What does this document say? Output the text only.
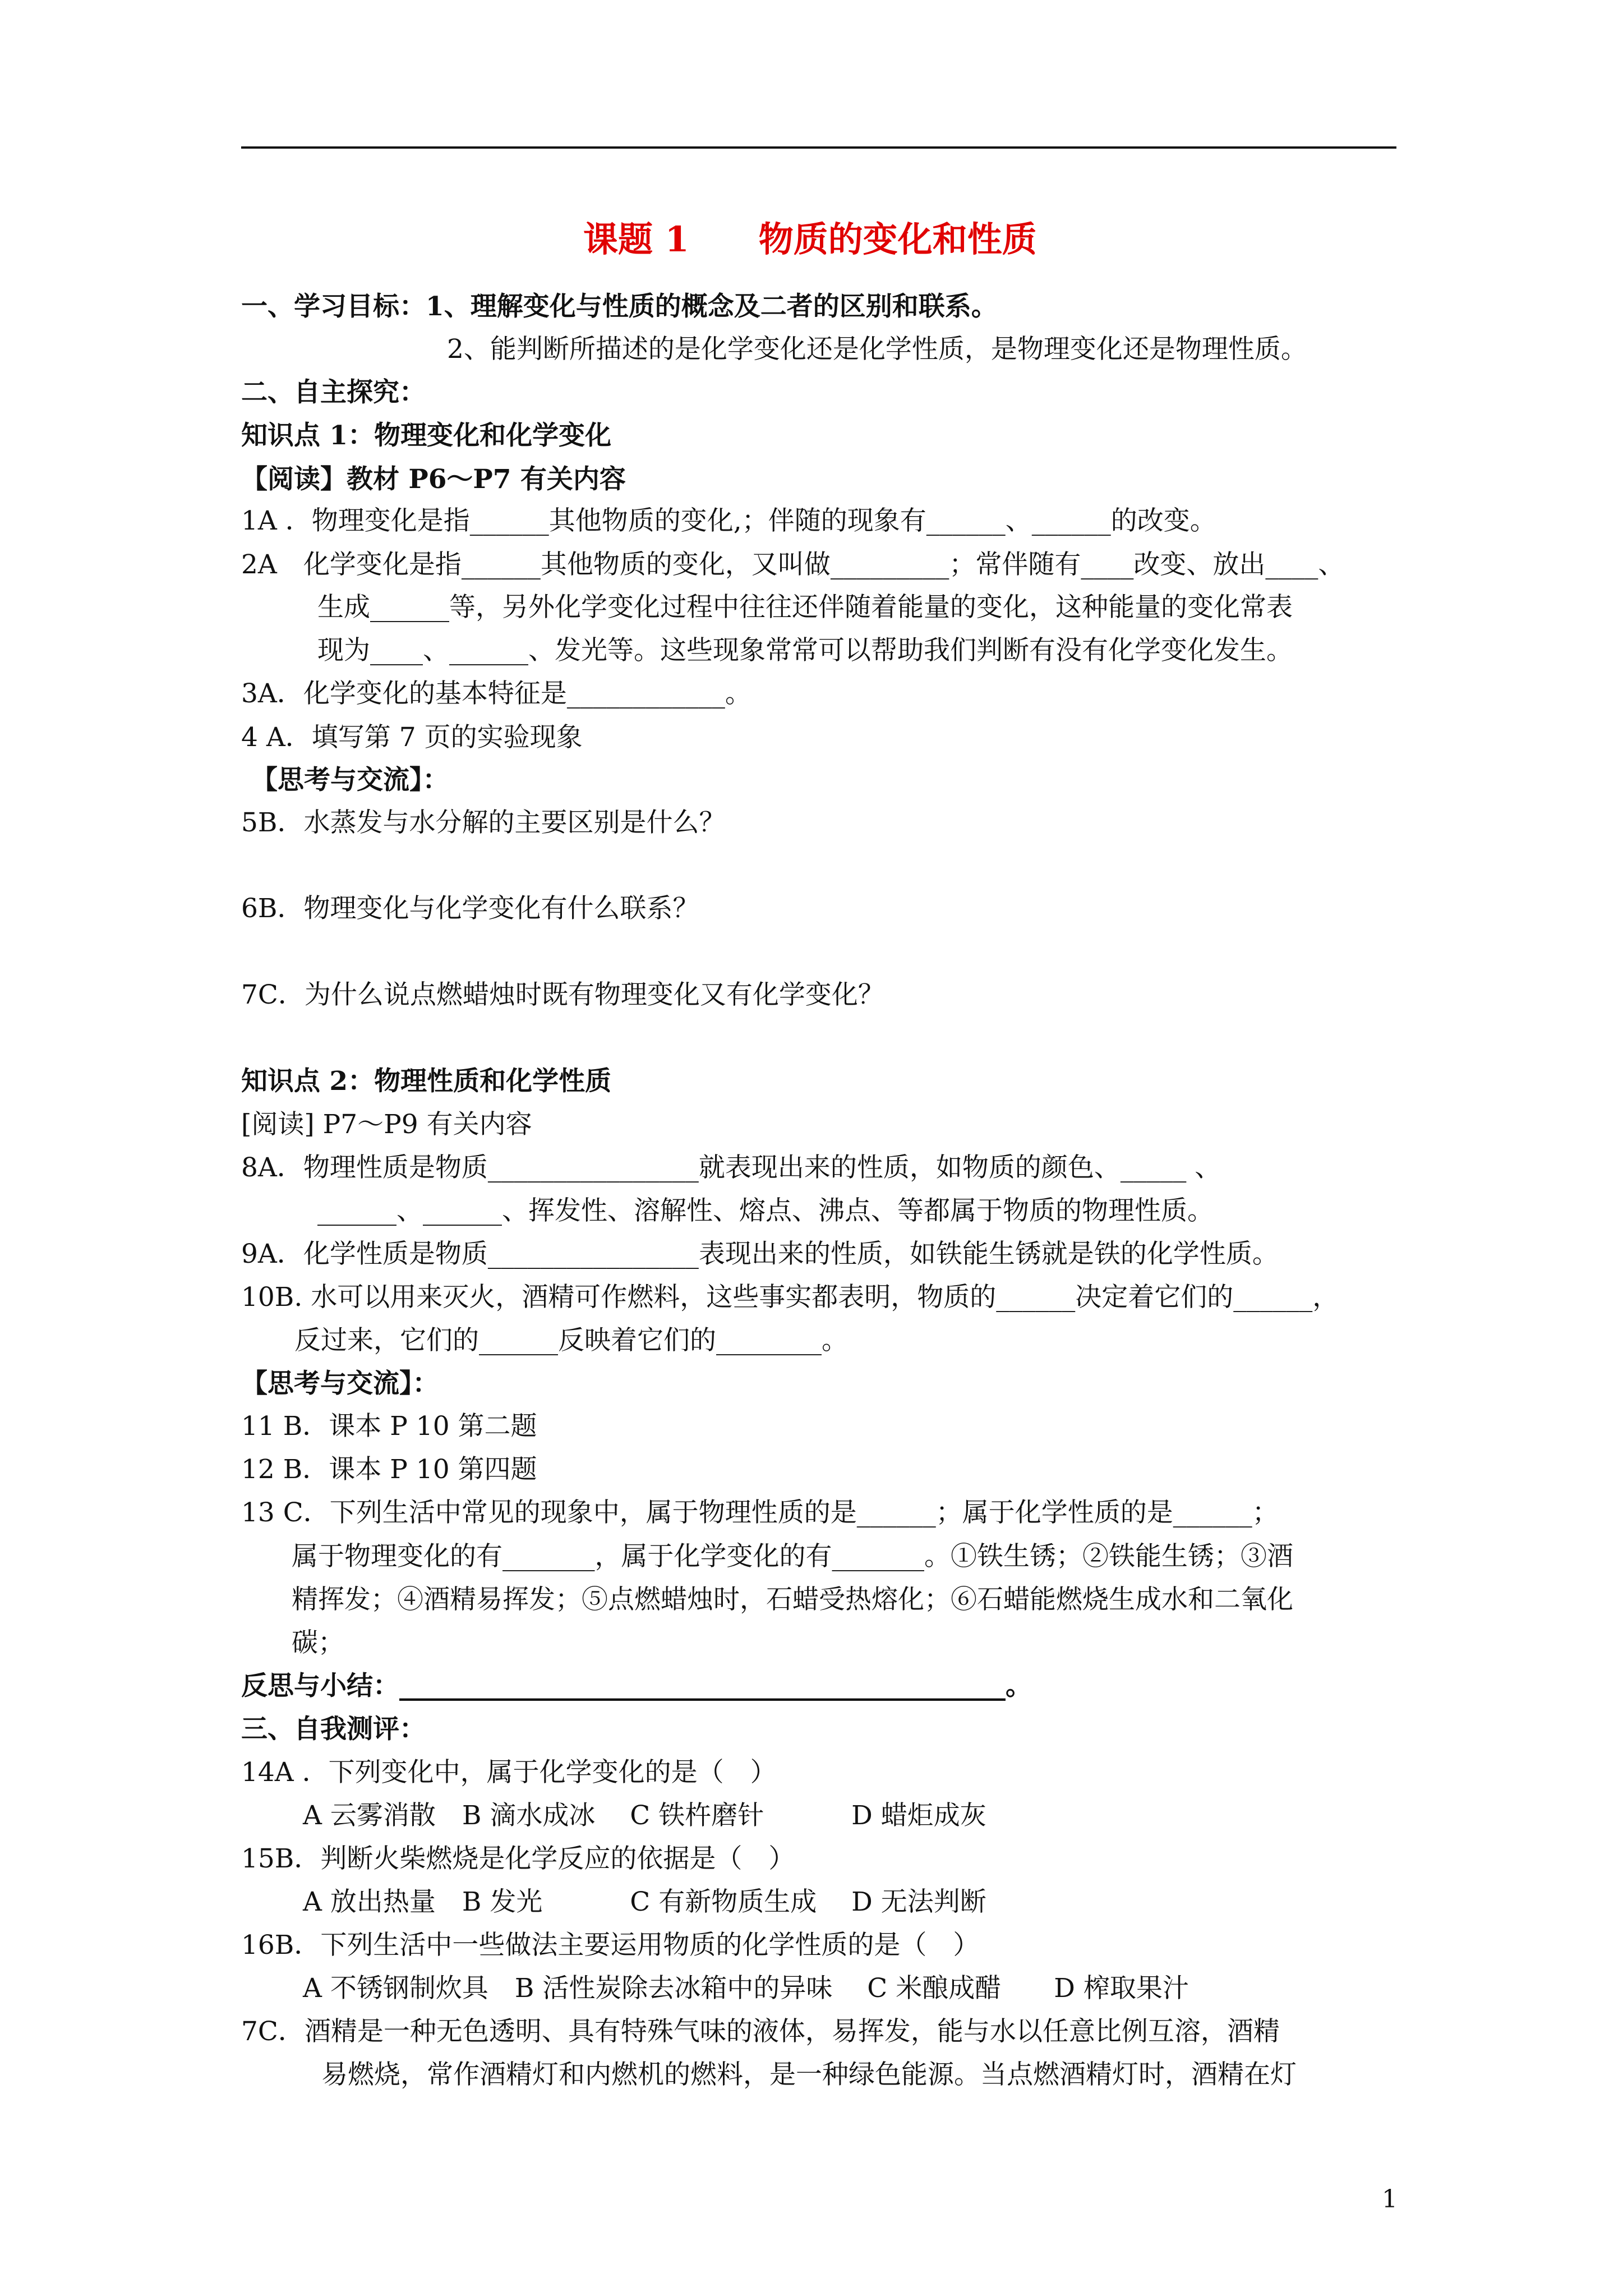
课题 1　　物质的变化和性质
一、学习目标：1、理解变化与性质的概念及二者的区别和联系。
2、能判断所描述的是化学变化还是化学性质，是物理变化还是物理性质。
二、自主探究：
知识点 1：物理变化和化学变化
【阅读】教材 P6～P7 有关内容
1A ．物理变化是指______其他物质的变化,；伴随的现象有______、______的改变。
2A　化学变化是指______其他物质的变化，又叫做_________；常伴随有____改变、放出____、
生成______等，另外化学变化过程中往往还伴随着能量的变化，这种能量的变化常表
现为____、______、发光等。这些现象常常可以帮助我们判断有没有化学变化发生。
3A．化学变化的基本特征是____________。
4 A．填写第 7 页的实验现象
【思考与交流】：
5B．水蒸发与水分解的主要区别是什么？
6B．物理变化与化学变化有什么联系？
7C．为什么说点燃蜡烛时既有物理变化又有化学变化？
知识点 2：物理性质和化学性质
[阅读] P7～P9 有关内容
8A．物理性质是物质________________就表现出来的性质，如物质的颜色、_____ 、
______、______、挥发性、溶解性、熔点、沸点、等都属于物质的物理性质。
9A．化学性质是物质________________表现出来的性质，如铁能生锈就是铁的化学性质。
10B. 水可以用来灭火，酒精可作燃料，这些事实都表明，物质的______决定着它们的______，
反过来，它们的______反映着它们的________。
【思考与交流】：
11 B．课本 P 10 第二题
12 B．课本 P 10 第四题
13 C．下列生活中常见的现象中，属于物理性质的是______；属于化学性质的是______；
属于物理变化的有_______，属于化学变化的有_______。①铁生锈；②铁能生锈；③酒
精挥发；④酒精易挥发；⑤点燃蜡烛时，石蜡受热熔化；⑥石蜡能燃烧生成水和二氧化
碳；
反思与小结：______________________________________________。
三、自我测评：
14A ．下列变化中，属于化学变化的是（　）
A 云雾消散　B 滴水成冰　 C 铁杵磨针　　　 D 蜡炬成灰
15B．判断火柴燃烧是化学反应的依据是（　）
A 放出热量　B 发光　　　 C 有新物质生成　 D 无法判断
16B．下列生活中一些做法主要运用物质的化学性质的是（　）
A 不锈钢制炊具　B 活性炭除去冰箱中的异味　 C 米酿成醋　　D 榨取果汁
7C．酒精是一种无色透明、具有特殊气味的液体，易挥发，能与水以任意比例互溶，酒精
易燃烧，常作酒精灯和内燃机的燃料，是一种绿色能源。当点燃酒精灯时，酒精在灯
1
